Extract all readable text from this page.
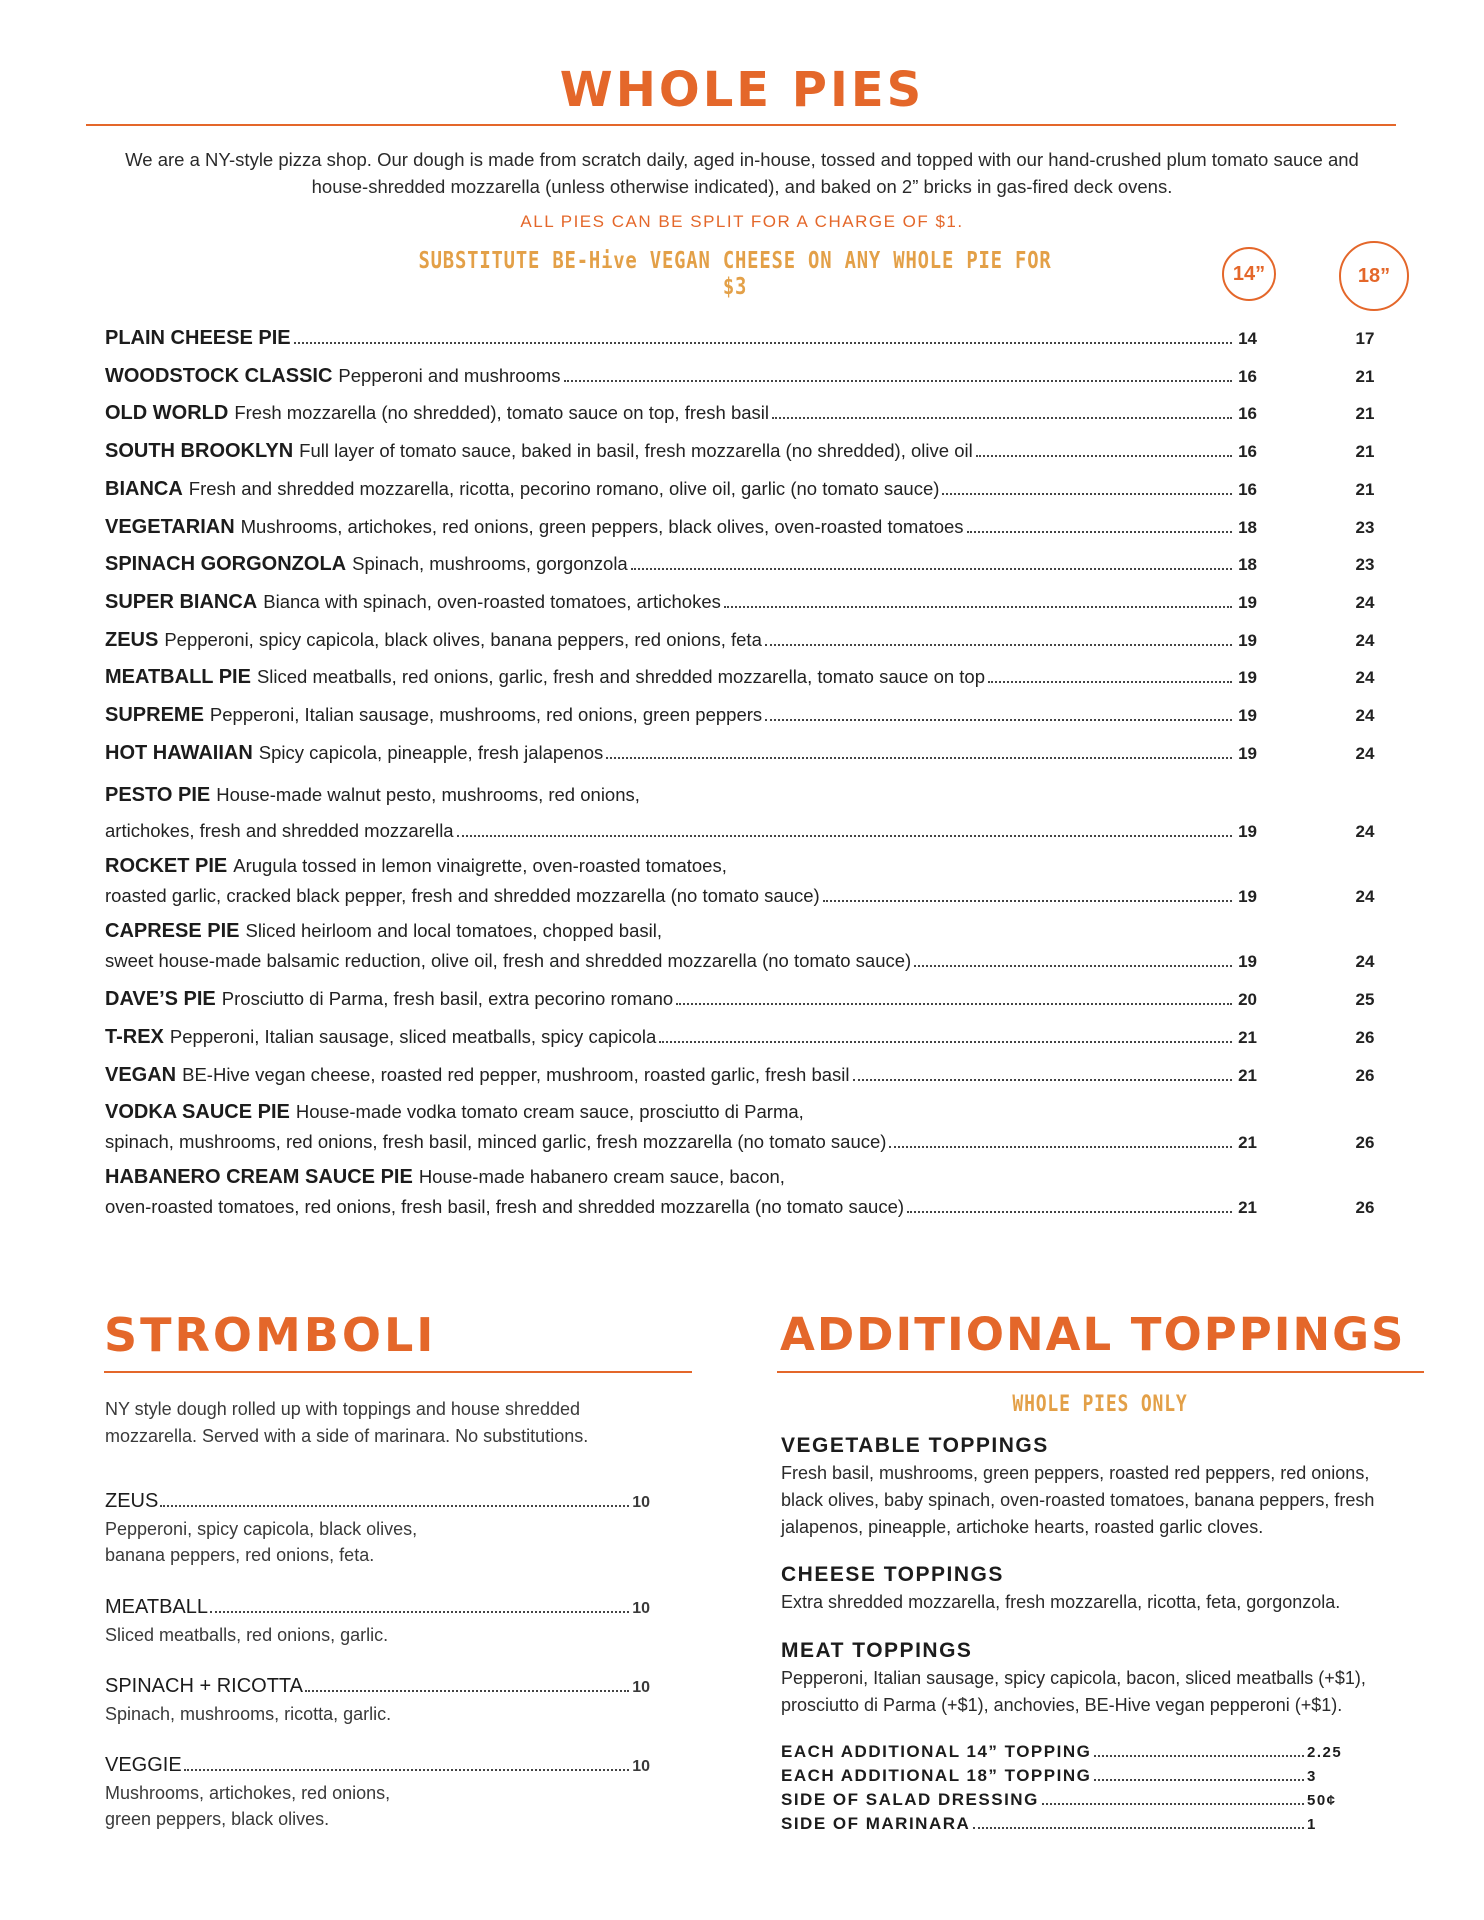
WHOLE PIES

We are a NY-style pizza shop. Our dough is made from scratch daily, aged in-house, tossed and topped with our hand-crushed plum tomato sauce and house-shredded mozzarella (unless otherwise indicated), and baked on 2” bricks in gas-fired deck ovens.

ALL PIES CAN BE SPLIT FOR A CHARGE OF $1.
SUBSTITUTE BE-Hive VEGAN CHEESE ON ANY WHOLE PIE FOR $3
14”	18”
PLAIN CHEESE PIE	14	17
WOODSTOCK CLASSIC Pepperoni and mushrooms	16	21
OLD WORLD Fresh mozzarella (no shredded), tomato sauce on top, fresh basil	16	21
SOUTH BROOKLYN Full layer of tomato sauce, baked in basil, fresh mozzarella (no shredded), olive oil	16	21
BIANCA Fresh and shredded mozzarella, ricotta, pecorino romano, olive oil, garlic (no tomato sauce)	16	21
VEGETARIAN Mushrooms, artichokes, red onions, green peppers, black olives, oven-roasted tomatoes	18	23
SPINACH GORGONZOLA Spinach, mushrooms, gorgonzola	18	23
SUPER BIANCA Bianca with spinach, oven-roasted tomatoes, artichokes	19	24
ZEUS Pepperoni, spicy capicola, black olives, banana peppers, red onions, feta	19	24
MEATBALL PIE Sliced meatballs, red onions, garlic, fresh and shredded mozzarella, tomato sauce on top	19	24
SUPREME Pepperoni, Italian sausage, mushrooms, red onions, green peppers	19	24
HOT HAWAIIAN Spicy capicola, pineapple, fresh jalapenos	19	24
PESTO PIE House-made walnut pesto, mushrooms, red onions,
artichokes, fresh and shredded mozzarella	19	24
ROCKET PIE Arugula tossed in lemon vinaigrette, oven-roasted tomatoes,
roasted garlic, cracked black pepper, fresh and shredded mozzarella (no tomato sauce)	19	24
CAPRESE PIE Sliced heirloom and local tomatoes, chopped basil,
sweet house-made balsamic reduction, olive oil, fresh and shredded mozzarella (no tomato sauce)	19	24
DAVE’S PIE Prosciutto di Parma, fresh basil, extra pecorino romano	20	25
T-REX Pepperoni, Italian sausage, sliced meatballs, spicy capicola	21	26
VEGAN BE-Hive vegan cheese, roasted red pepper, mushroom, roasted garlic, fresh basil	21	26
VODKA SAUCE PIE House-made vodka tomato cream sauce, prosciutto di Parma,
spinach, mushrooms, red onions, fresh basil, minced garlic, fresh mozzarella (no tomato sauce)	21	26
HABANERO CREAM SAUCE PIE House-made habanero cream sauce, bacon,
oven-roasted tomatoes, red onions, fresh basil, fresh and shredded mozzarella (no tomato sauce)	21	26
STROMBOLI
NY style dough rolled up with toppings and house shredded mozzarella. Served with a side of marinara. No substitutions.
ZEUS	10
Pepperoni, spicy capicola, black olives,
banana peppers, red onions, feta.
MEATBALL	10
Sliced meatballs, red onions, garlic.
SPINACH + RICOTTA	10
Spinach, mushrooms, ricotta, garlic.
VEGGIE	10
Mushrooms, artichokes, red onions,
green peppers, black olives.
ADDITIONAL TOPPINGS
WHOLE PIES ONLY
VEGETABLE TOPPINGS
Fresh basil, mushrooms, green peppers, roasted red peppers, red onions, black olives, baby spinach, oven-roasted tomatoes, banana peppers, fresh jalapenos, pineapple, artichoke hearts, roasted garlic cloves.
CHEESE TOPPINGS
Extra shredded mozzarella, fresh mozzarella, ricotta, feta, gorgonzola.
MEAT TOPPINGS
Pepperoni, Italian sausage, spicy capicola, bacon, sliced meatballs (+$1), prosciutto di Parma (+$1), anchovies, BE-Hive vegan pepperoni (+$1).
EACH ADDITIONAL 14” TOPPING	2.25
EACH ADDITIONAL 18” TOPPING	3
SIDE OF SALAD DRESSING	50¢
SIDE OF MARINARA	1
